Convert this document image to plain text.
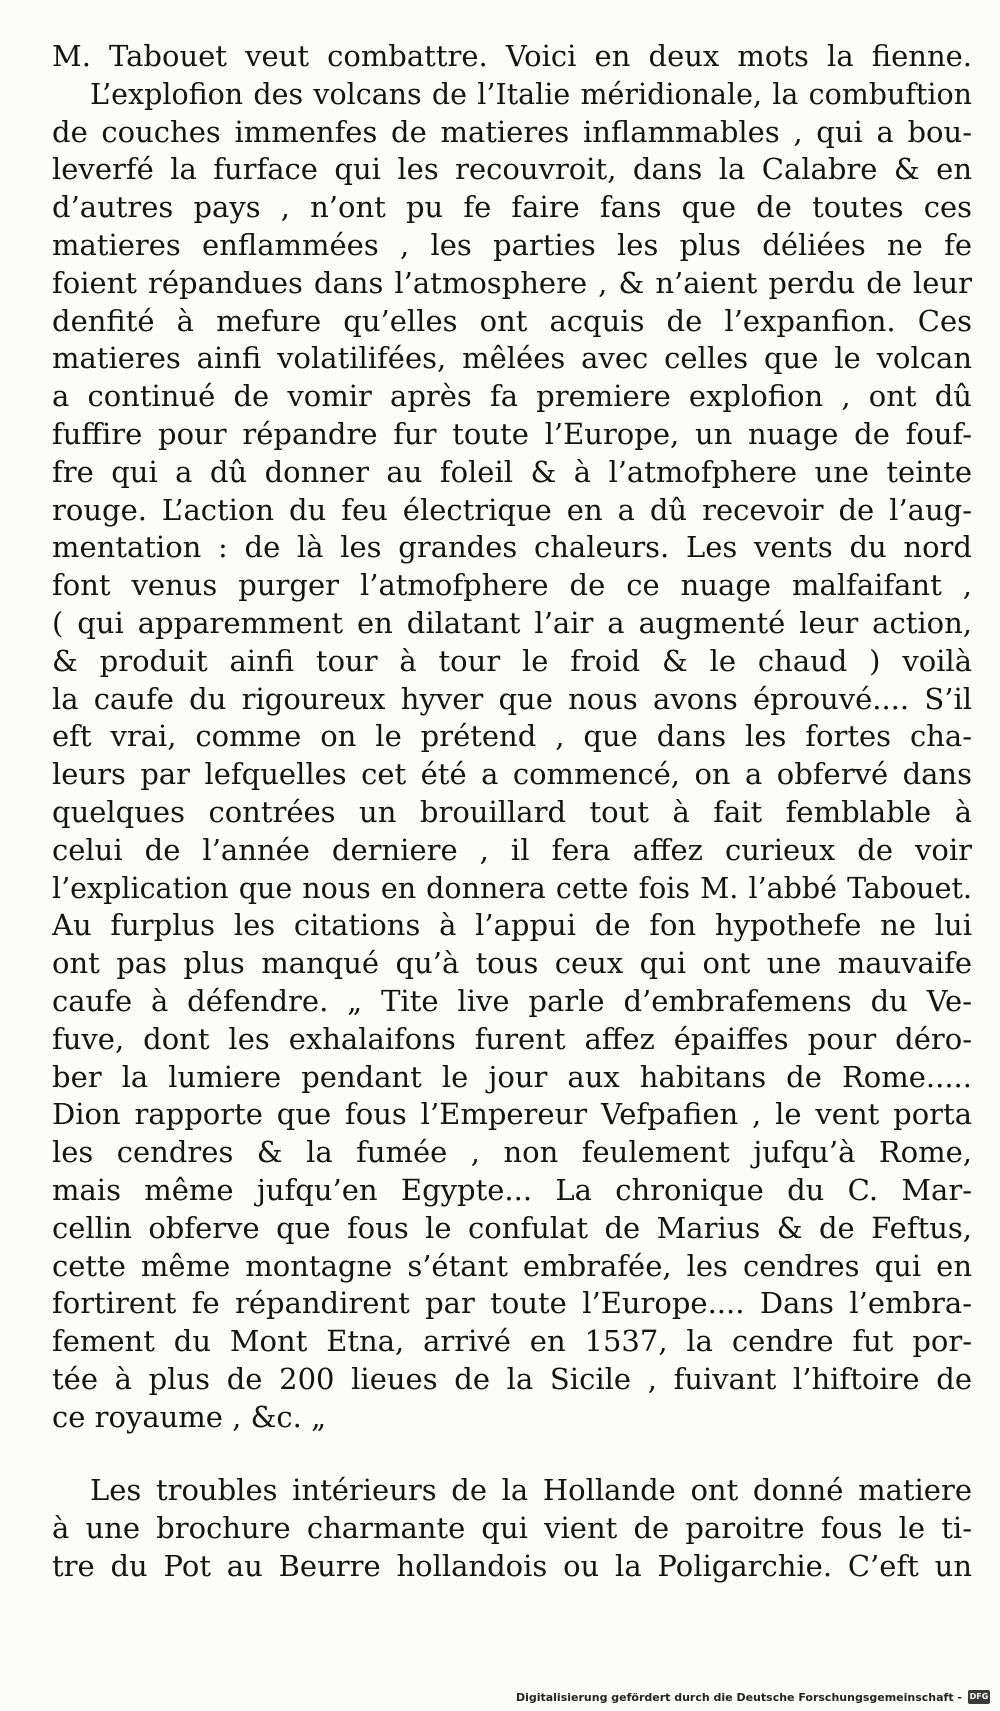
M. Tabouet veut combattre. Voici en deux mots la fienne.
L’explofion des volcans de l’Italie méridionale, la combuftion
de couches immenfes de matieres inflammables , qui a bou-
leverfé la furface qui les recouvroit, dans la Calabre & en
d’autres pays , n’ont pu fe faire fans que de toutes ces
matieres enflammées , les parties les plus déliées ne fe
foient répandues dans l’atmosphere , & n’aient perdu de leur
denfité à mefure qu’elles ont acquis de l’expanfion. Ces
matieres ainfi volatilifées, mêlées avec celles que le volcan
a continué de vomir après fa premiere explofion , ont dû
fuffire pour répandre fur toute l’Europe, un nuage de fouf-
fre qui a dû donner au foleil & à l’atmofphere une teinte
rouge. L’action du feu électrique en a dû recevoir de l’aug-
mentation : de là les grandes chaleurs. Les vents du nord
font venus purger l’atmofphere de ce nuage malfaifant ,
( qui apparemment en dilatant l’air a augmenté leur action,
& produit ainfi tour à tour le froid & le chaud ) voilà
la caufe du rigoureux hyver que nous avons éprouvé.... S’il
eft vrai, comme on le prétend , que dans les fortes cha-
leurs par lefquelles cet été a commencé, on a obfervé dans
quelques contrées un brouillard tout à fait femblable à
celui de l’année derniere , il fera affez curieux de voir
l’explication que nous en donnera cette fois M. l’abbé Tabouet.
Au furplus les citations à l’appui de fon hypothefe ne lui
ont pas plus manqué qu’à tous ceux qui ont une mauvaife
caufe à défendre. „ Tite live parle d’embrafemens du Ve-
fuve, dont les exhalaifons furent affez épaiffes pour déro-
ber la lumiere pendant le jour aux habitans de Rome.....
Dion rapporte que fous l’Empereur Vefpafien , le vent porta
les cendres & la fumée , non feulement jufqu’à Rome,
mais même jufqu’en Egypte... La chronique du C. Mar-
cellin obferve que fous le confulat de Marius & de Feftus,
cette même montagne s’étant embrafée, les cendres qui en
fortirent fe répandirent par toute l’Europe.... Dans l’embra-
fement du Mont Etna, arrivé en 1537, la cendre fut por-
tée à plus de 200 lieues de la Sicile , fuivant l’hiftoire de
ce royaume , &c. „
Les troubles intérieurs de la Hollande ont donné matiere
à une brochure charmante qui vient de paroitre fous le ti-
tre du Pot au Beurre hollandois ou la Poligarchie. C’eft un
Digitalisierung gefördert durch die Deutsche Forschungsgemeinschaft - DFG
